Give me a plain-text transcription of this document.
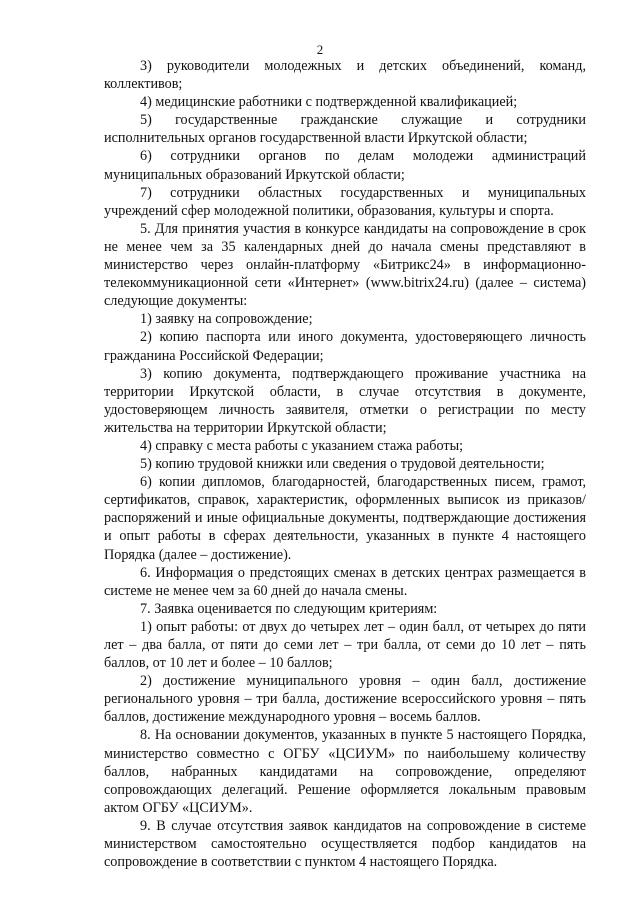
2

3) руководители молодежных и детских объединений, команд, коллективов;

4) медицинские работники с подтвержденной квалификацией;

5) государственные гражданские служащие и сотрудники исполнительных органов государственной власти Иркутской области;

6) сотрудники органов по делам молодежи администраций муниципальных образований Иркутской области;

7) сотрудники областных государственных и муниципальных учреждений сфер молодежной политики, образования, культуры и спорта.

5. Для принятия участия в конкурсе кандидаты на сопровождение в срок не менее чем за 35 календарных дней до начала смены представляют в министерство через онлайн-платформу «Битрикс24» в информационно-телекоммуникационной сети «Интернет» (www.bitrix24.ru) (далее – система) следующие документы:

1) заявку на сопровождение;

2) копию паспорта или иного документа, удостоверяющего личность гражданина Российской Федерации;

3) копию документа, подтверждающего проживание участника на территории Иркутской области, в случае отсутствия в документе, удостоверяющем личность заявителя, отметки о регистрации по месту жительства на территории Иркутской области;

4) справку с места работы с указанием стажа работы;

5) копию трудовой книжки или сведения о трудовой деятельности;

6) копии дипломов, благодарностей, благодарственных писем, грамот, сертификатов, справок, характеристик, оформленных выписок из приказов/распоряжений и иные официальные документы, подтверждающие достижения и опыт работы в сферах деятельности, указанных в пункте 4 настоящего Порядка (далее – достижение).

6. Информация о предстоящих сменах в детских центрах размещается в системе не менее чем за 60 дней до начала смены.

7. Заявка оценивается по следующим критериям:

1) опыт работы: от двух до четырех лет – один балл, от четырех до пяти лет – два балла, от пяти до семи лет – три балла, от семи до 10 лет – пять баллов, от 10 лет и более – 10 баллов;

2) достижение муниципального уровня – один балл, достижение регионального уровня – три балла, достижение всероссийского уровня – пять баллов, достижение международного уровня – восемь баллов.

8. На основании документов, указанных в пункте 5 настоящего Порядка, министерство совместно с ОГБУ «ЦСИУМ» по наибольшему количеству баллов, набранных кандидатами на сопровождение, определяют сопровождающих делегаций. Решение оформляется локальным правовым актом ОГБУ «ЦСИУМ».

9. В случае отсутствия заявок кандидатов на сопровождение в системе министерством самостоятельно осуществляется подбор кандидатов на сопровождение в соответствии с пунктом 4 настоящего Порядка.
